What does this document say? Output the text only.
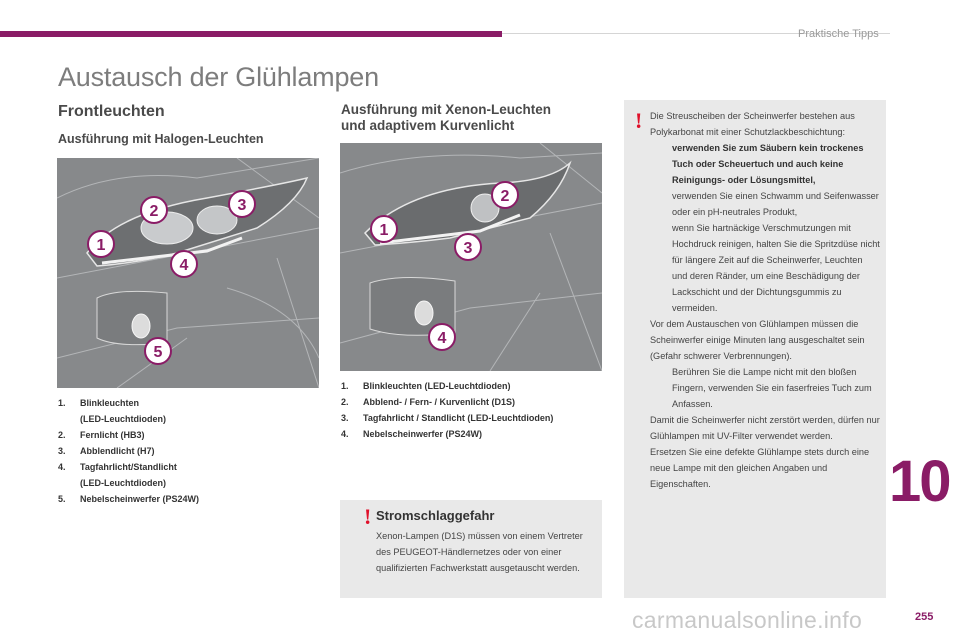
Praktische Tipps
Austausch der Glühlampen
Frontleuchten
Ausführung mit Halogen-Leuchten
2	3
1
4
5
1. Blinkleuchten
(LED-Leuchtdioden)
2. Fernlicht (HB3)
3. Abblendlicht (H7)
4. Tagfahrlicht/Standlicht
(LED-Leuchtdioden)
5. Nebelscheinwerfer (PS24W)
Ausführung mit Xenon-Leuchten
und adaptivem Kurvenlicht
2
1
3
4
1. Blinkleuchten (LED-Leuchtdioden)
2. Abblend- / Fern- / Kurvenlicht (D1S)
3. Tagfahrlicht / Standlicht (LED-Leuchtdioden)
4. Nebelscheinwerfer (PS24W)
! Stromschlaggefahr
Xenon-Lampen (D1S) müssen von einem Vertreter des PEUGEOT-Händlernetzes oder von einer qualifizierten Fachwerkstatt ausgetauscht werden.
! Die Streuscheiben der Scheinwerfer bestehen aus Polykarbonat mit einer Schutzlackbeschichtung:

verwenden Sie zum Säubern kein trockenes Tuch oder Scheuertuch und auch keine Reinigungs- oder Lösungsmittel,

verwenden Sie einen Schwamm und Seifenwasser oder ein pH-neutrales Produkt,

wenn Sie hartnäckige Verschmutzungen mit Hochdruck reinigen, halten Sie die Spritzdüse nicht für längere Zeit auf die Scheinwerfer, Leuchten und deren Ränder, um eine Beschädigung der Lackschicht und der Dichtungsgummis zu vermeiden.

Vor dem Austauschen von Glühlampen müssen die Scheinwerfer einige Minuten lang ausgeschaltet sein (Gefahr schwerer Verbrennungen).

Berühren Sie die Lampe nicht mit den bloßen Fingern, verwenden Sie ein faserfreies Tuch zum Anfassen.

Damit die Scheinwerfer nicht zerstört werden, dürfen nur Glühlampen mit UV-Filter verwendet werden.

Ersetzen Sie eine defekte Glühlampe stets durch eine neue Lampe mit den gleichen Angaben und Eigenschaften.	10
carmanualsonline.info	255
